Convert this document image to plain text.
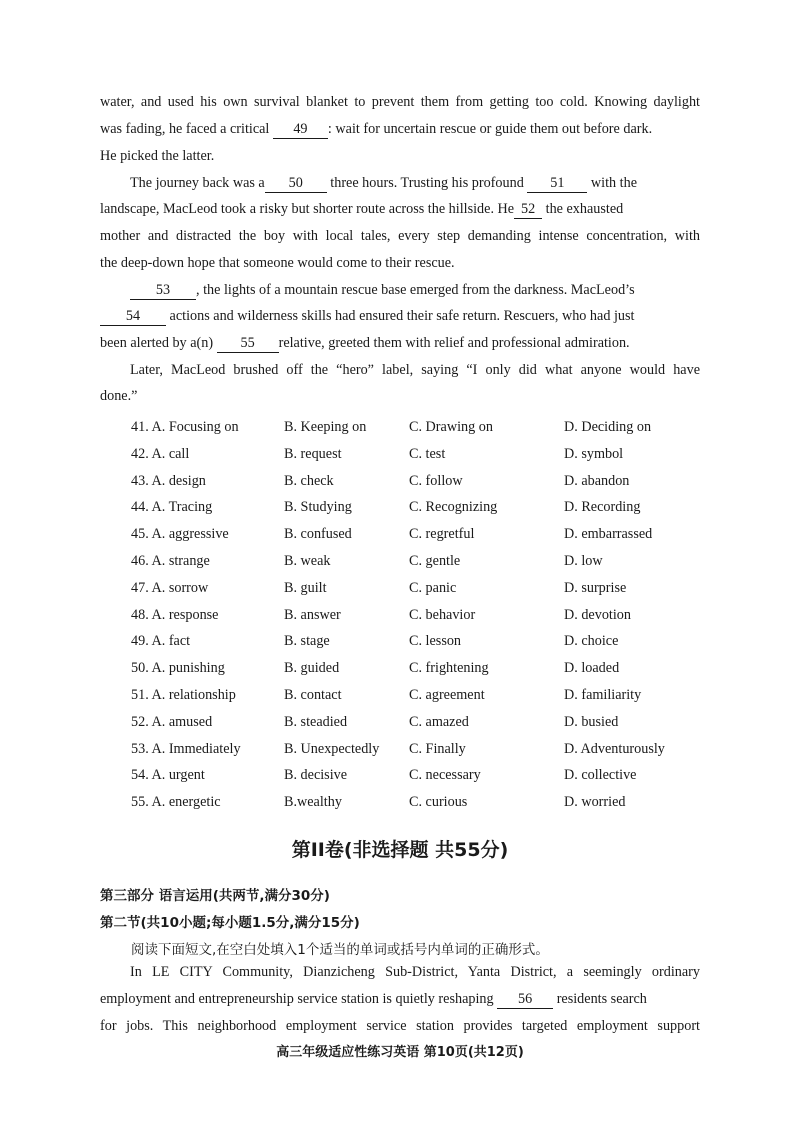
water, and used his own survival blanket to prevent them from getting too cold. Knowing daylight
was fading, he faced a critical 49 : wait for uncertain rescue or guide them out before dark.
He picked the latter.
The journey back was a 50 three hours. Trusting his profound 51 with the
landscape, MacLeod took a risky but shorter route across the hillside. He 52 the exhausted
mother and distracted the boy with local tales, every step demanding intense concentration, with
the deep-down hope that someone would come to their rescue.
53 , the lights of a mountain rescue base emerged from the darkness. MacLeod’s
54 actions and wilderness skills had ensured their safe return. Rescuers, who had just
been alerted by a(n) 55 relative, greeted them with relief and professional admiration.
Later, MacLeod brushed off the “hero” label, saying “I only did what anyone would have
done.”
41. A. Focusing on	B. Keeping on	C. Drawing on	D. Deciding on
42. A. call	B. request	C. test	D. symbol
43. A. design	B. check	C. follow	D. abandon
44. A. Tracing	B. Studying	C. Recognizing	D. Recording
45. A. aggressive	B. confused	C. regretful	D. embarrassed
46. A. strange	B. weak	C. gentle	D. low
47. A. sorrow	B. guilt	C. panic	D. surprise
48. A. response	B. answer	C. behavior	D. devotion
49. A. fact	B. stage	C. lesson	D. choice
50. A. punishing	B. guided	C. frightening	D. loaded
51. A. relationship	B. contact	C. agreement	D. familiarity
52. A. amused	B. steadied	C. amazed	D. busied
53. A. Immediately	B. Unexpectedly C. Finally	D. Adventurously
54. A. urgent	B. decisive	C. necessary	D. collective
55. A. energetic	B.wealthy	C. curious	D. worried
第II卷(非选择题 共55分)
第三部分 语言运用(共两节,满分30分)
第二节(共10小题;每小题1.5分,满分15分)
阅读下面短文,在空白处填入1个适当的单词或括号内单词的正确形式。
In LE CITY Community, Dianzicheng Sub-District, Yanta District, a seemingly ordinary
employment and entrepreneurship service station is quietly reshaping 56 residents search
for jobs. This neighborhood employment service station provides targeted employment support
高三年级适应性练习英语 第10页(共12页)
